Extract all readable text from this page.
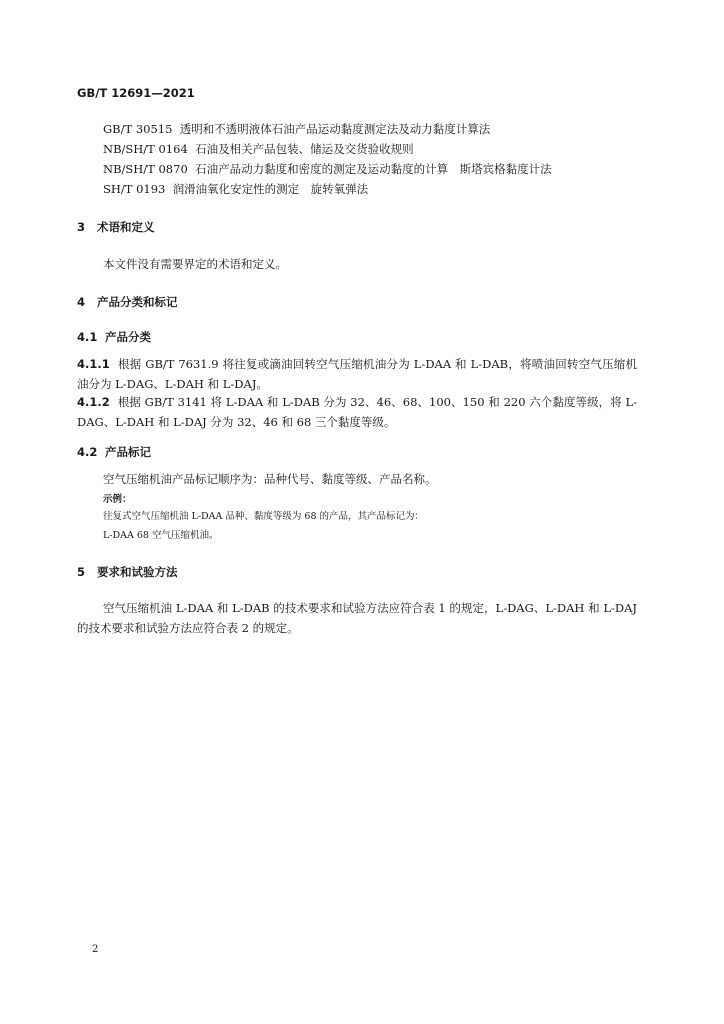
GB/T 12691—2021
GB/T 30515 透明和不透明液体石油产品运动黏度测定法及动力黏度计算法
NB/SH/T 0164 石油及相关产品包装、储运及交货验收规则
NB/SH/T 0870 石油产品动力黏度和密度的测定及运动黏度的计算　斯塔宾格黏度计法
SH/T 0193 润滑油氧化安定性的测定　旋转氧弹法
3 术语和定义
本文件没有需要界定的术语和定义。
4 产品分类和标记
4.1 产品分类
4.1.1 根据 GB/T 7631.9 将往复或滴油回转空气压缩机油分为 L-DAA 和 L-DAB，将喷油回转空气压缩机油分为 L-DAG、L-DAH 和 L-DAJ。
4.1.2 根据 GB/T 3141 将 L-DAA 和 L-DAB 分为 32、46、68、100、150 和 220 六个黏度等级，将 L-DAG、L-DAH 和 L-DAJ 分为 32、46 和 68 三个黏度等级。
4.2 产品标记
空气压缩机油产品标记顺序为：品种代号、黏度等级、产品名称。
示例：
往复式空气压缩机油 L-DAA 品种、黏度等级为 68 的产品，其产品标记为：
L-DAA 68 空气压缩机油。
5 要求和试验方法
空气压缩机油 L-DAA 和 L-DAB 的技术要求和试验方法应符合表 1 的规定，L-DAG、L-DAH 和 L-DAJ 的技术要求和试验方法应符合表 2 的规定。
2
